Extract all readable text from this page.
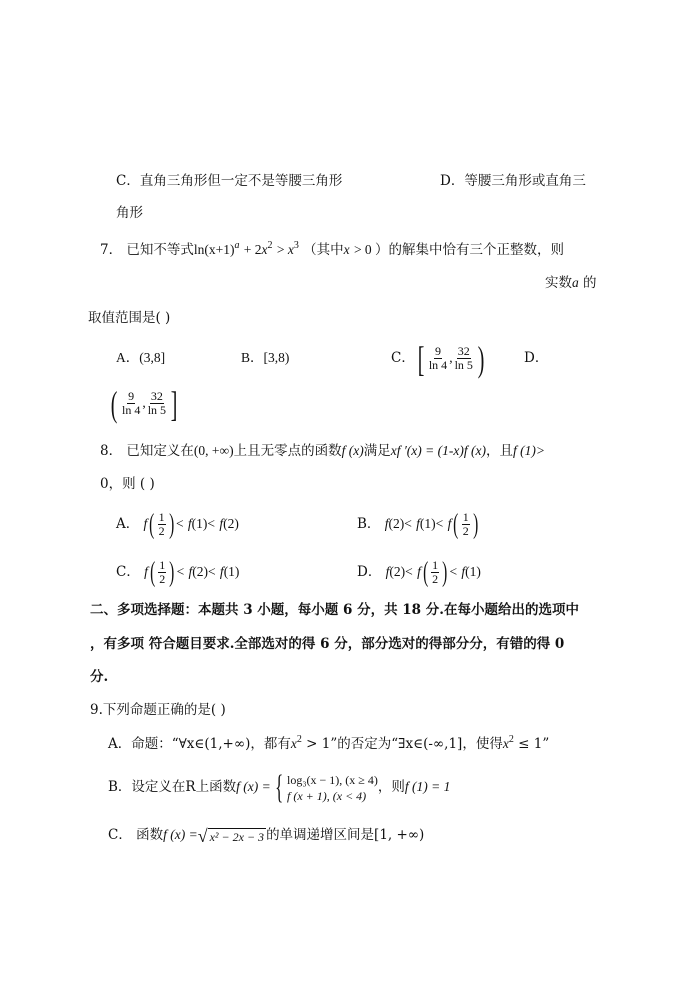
C．直角三角形但一定不是等腰三角形	D．等腰三角形或直角三
角形
7． 已知不等式$\ln(x+1)^a + 2x^2 > x^3$ （其中x > 0 ）的解集中恰有三个正整数，则
实数a 的
取值范围是( )
A．(3,8]	B．[3,8)	C．[ $\frac{9}{\ln 4}$ , $\frac{32}{\ln 5}$ )	D．
( $\frac{9}{\ln 4}$ , $\frac{32}{\ln 5}$ ]
8． 已知定义在(0, +∞)上且无零点的函数f (x)满足xf ′(x) = (1-x)f (x)，且f (1)>
0，则 ( )
A． $f( \frac{1}{2}$ ) < f(1)< f(2)	B． $f(2)< f(1)< f( \frac{1}{2}$ )
C． $f( \frac{1}{2}$ ) < f(2)< f(1)	D． $f(2)< f( \frac{1}{2}$ ) < f(1)
二、多项选择题：本题共 3 小题，每小题 6 分，共 18 分.在每小题给出的选项中
，有多项 符合题目要求.全部选对的得 6 分，部分选对的得部分分，有错的得 0
分.
9.下列命题正确的是( )
A．命题：“∀x∈(1,+∞)，都有$x^2 > 1$”的否定为“∃x∈(-∞,1]，使得$x^2 \le 1$”
B．设定义在R上函数f (x) = { log₃(x − 1), (x ≥ 4)
f (x + 1), (x < 4)
，则f (1) = 1
C． 函数f (x) = √ x² − 2x − 3 的单调递增区间是[1, +∞)
